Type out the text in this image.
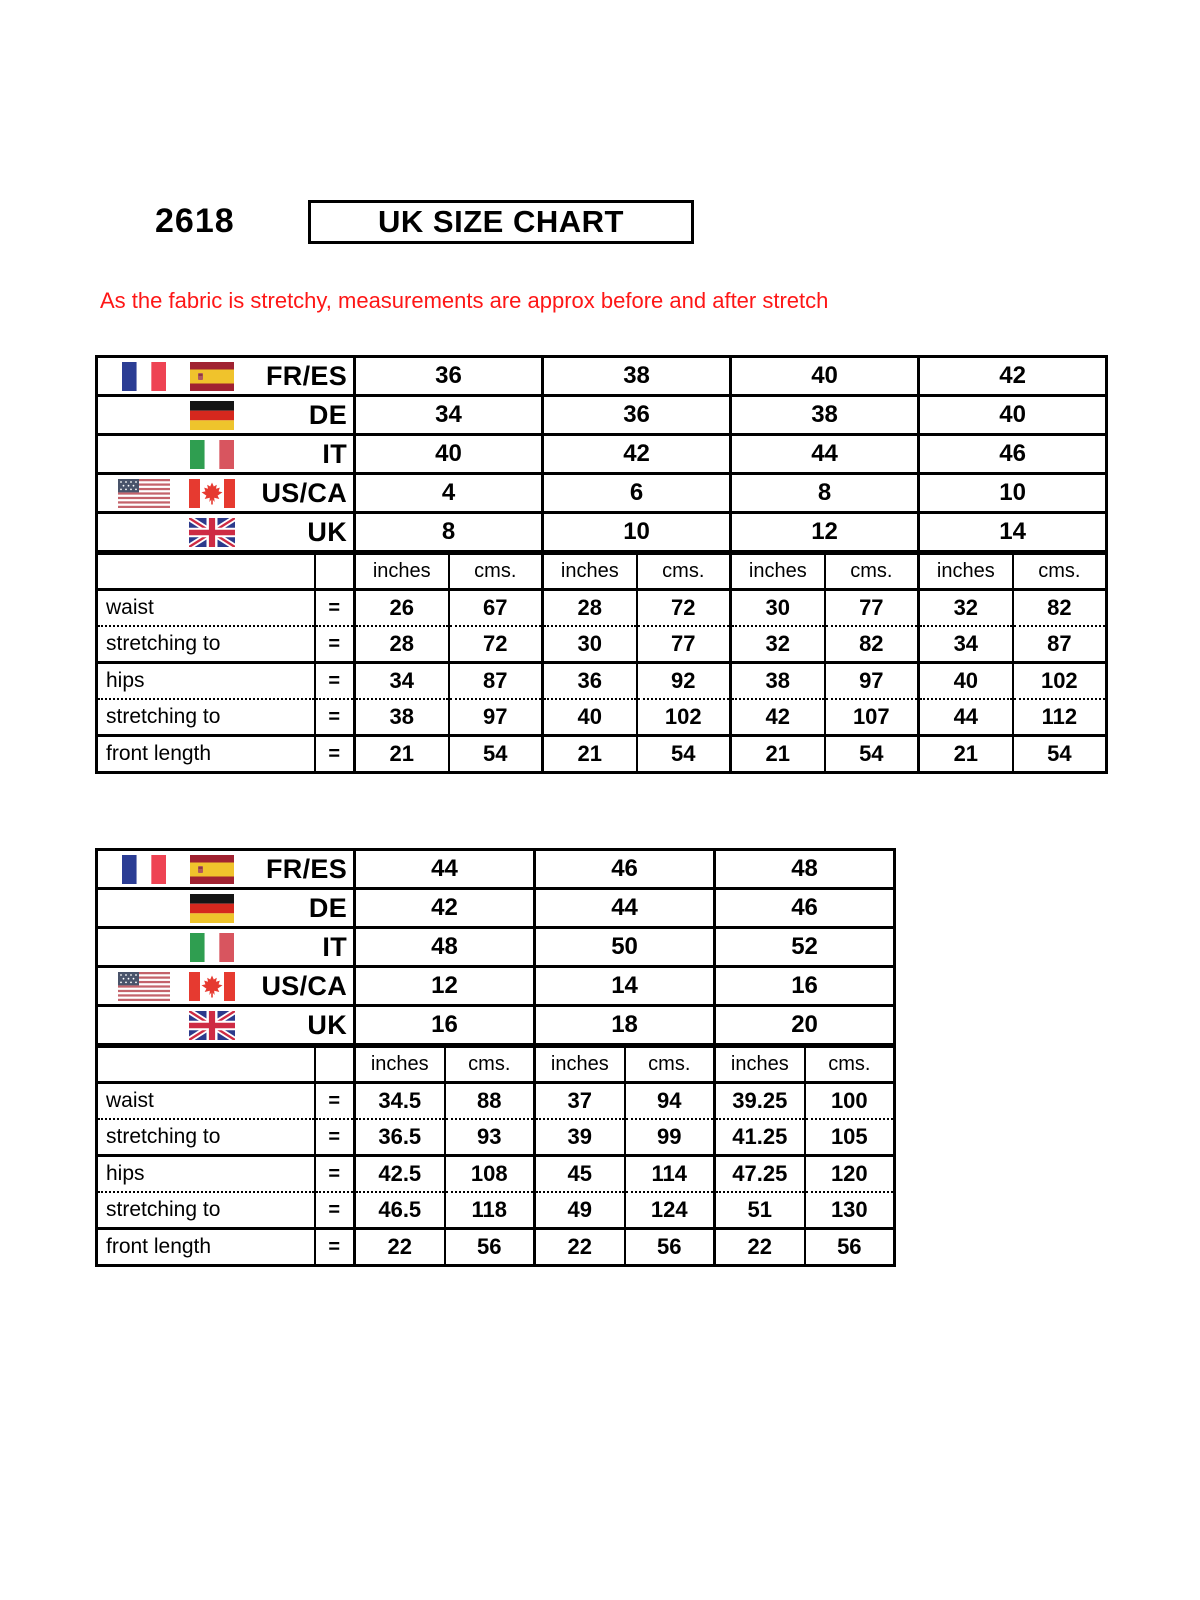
2618	UK SIZE CHART
As the fabric is stretchy, measurements are approx before and after stretch
FR/ES		36		38		40		42	

DE		34		36		38		40	

IT		40		42		44		46	

US/CA		4		6		8		10	

UK		8		10		12		14	
		inches	cms.	inches	cms.	inches	cms.	inches	cms.
waist	=	26	67	28	72	30	77	32	82
stretching to	=	28	72	30	77	32	82	34	87
hips	=	34	87	36	92	38	97	40	102
stretching to	=	38	97	40	102	42	107	44	112
front length	=	21	54	21	54	21	54	21	54
FR/ES		44		46		48	

DE		42		44		46	

IT		48		50		52	

US/CA		12		14		16	

UK		16		18		20	
		inches	cms.	inches	cms.	inches	cms.
waist	=	34.5	88	37	94	39.25	100
stretching to	=	36.5	93	39	99	41.25	105
hips	=	42.5	108	45	114	47.25	120
stretching to	=	46.5	118	49	124	51	130
front length	=	22	56	22	56	22	56
